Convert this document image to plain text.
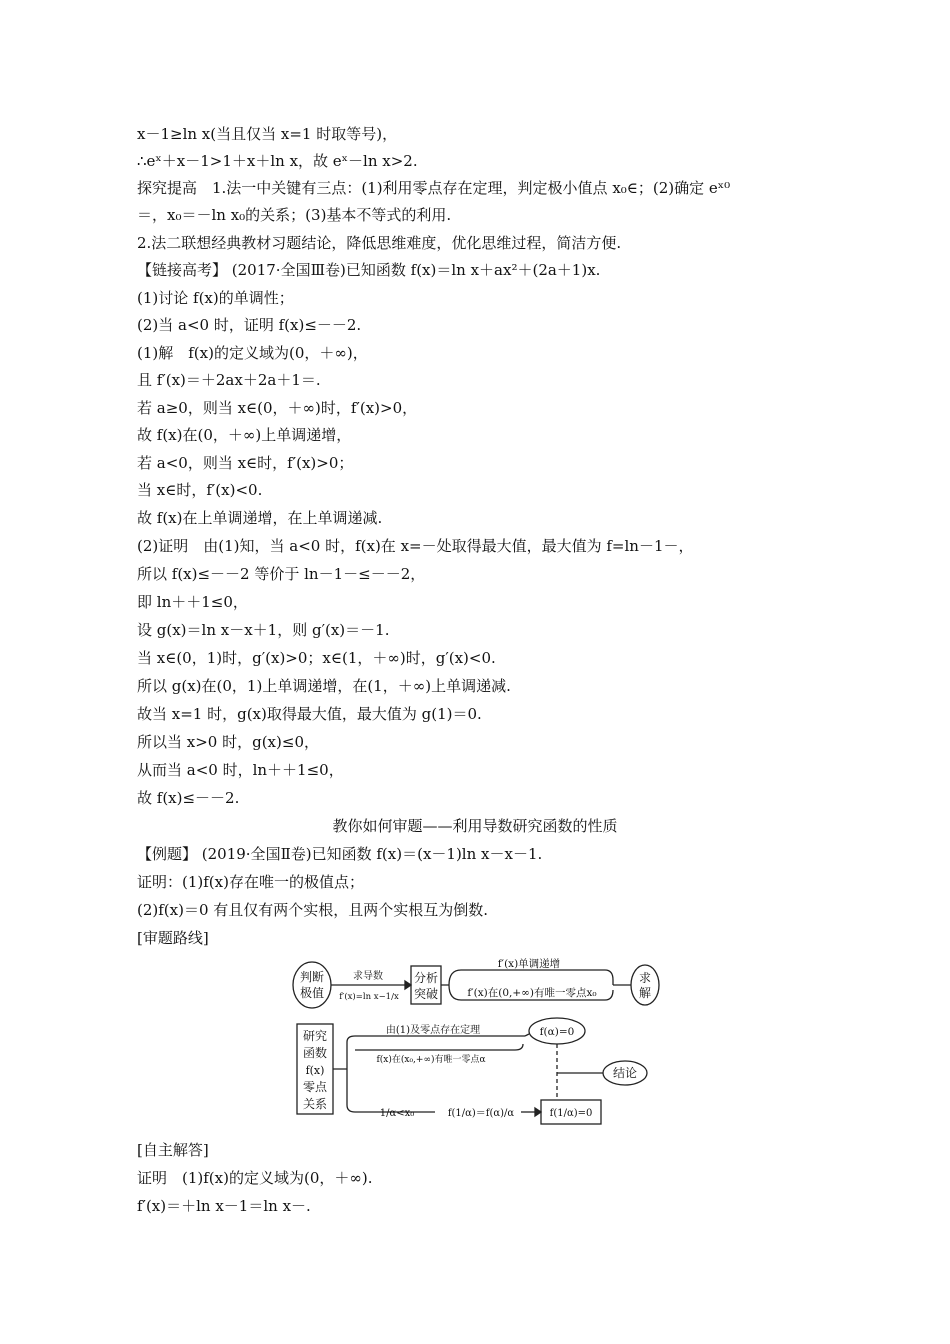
x－1≥ln x(当且仅当 x=1 时取等号)，
∴eˣ＋x－1>1＋x＋ln x，故 eˣ－ln x>2.
探究提高　1.法一中关键有三点：(1)利用零点存在定理，判定极小值点 x₀∈；(2)确定 eˣ⁰
＝，x₀＝－ln x₀的关系；(3)基本不等式的利用.
2.法二联想经典教材习题结论，降低思维难度，优化思维过程，简洁方便.
【链接高考】 (2017·全国Ⅲ卷)已知函数 f(x)＝ln x＋ax²＋(2a＋1)x.
(1)讨论 f(x)的单调性；
(2)当 a<0 时，证明 f(x)≤－－2.
(1)解　f(x)的定义域为(0，＋∞)，
且 f′(x)＝＋2ax＋2a＋1＝.
若 a≥0，则当 x∈(0，＋∞)时，f′(x)>0，
故 f(x)在(0，＋∞)上单调递增，
若 a<0，则当 x∈时，f′(x)>0；
当 x∈时，f′(x)<0.
故 f(x)在上单调递增，在上单调递减.
(2)证明　由(1)知，当 a<0 时，f(x)在 x=－处取得最大值，最大值为 f=ln－1－，
所以 f(x)≤－－2 等价于 ln－1－≤－－2，
即 ln＋＋1≤0，
设 g(x)＝ln x－x＋1，则 g′(x)＝－1.
当 x∈(0，1)时，g′(x)>0；x∈(1，＋∞)时，g′(x)<0.
所以 g(x)在(0，1)上单调递增，在(1，＋∞)上单调递减.
故当 x=1 时，g(x)取得最大值，最大值为 g(1)＝0.
所以当 x>0 时，g(x)≤0，
从而当 a<0 时，ln＋＋1≤0，
故 f(x)≤－－2.
教你如何审题——利用导数研究函数的性质
【例题】 (2019·全国Ⅱ卷)已知函数 f(x)＝(x－1)ln x－x－1.
证明：(1)f(x)存在唯一的极值点；
(2)f(x)＝0 有且仅有两个实根，且两个实根互为倒数.
[审题路线]
判断
极值
求导数
f′(x)=ln x−1/x
分析
突破
f′(x)单调递增
f′(x)在(0,+∞)有唯一零点x₀
求
解
研究
函数
f(x)
零点
关系
由(1)及零点存在定理
f(x)在(x₀,+∞)有唯一零点α
f(α)=0
结论
1/α<x₀	f(1/α)＝f(α)/α	f(1/α)=0
[自主解答]
证明　(1)f(x)的定义域为(0，＋∞).
f′(x)＝＋ln x－1＝ln x－.
